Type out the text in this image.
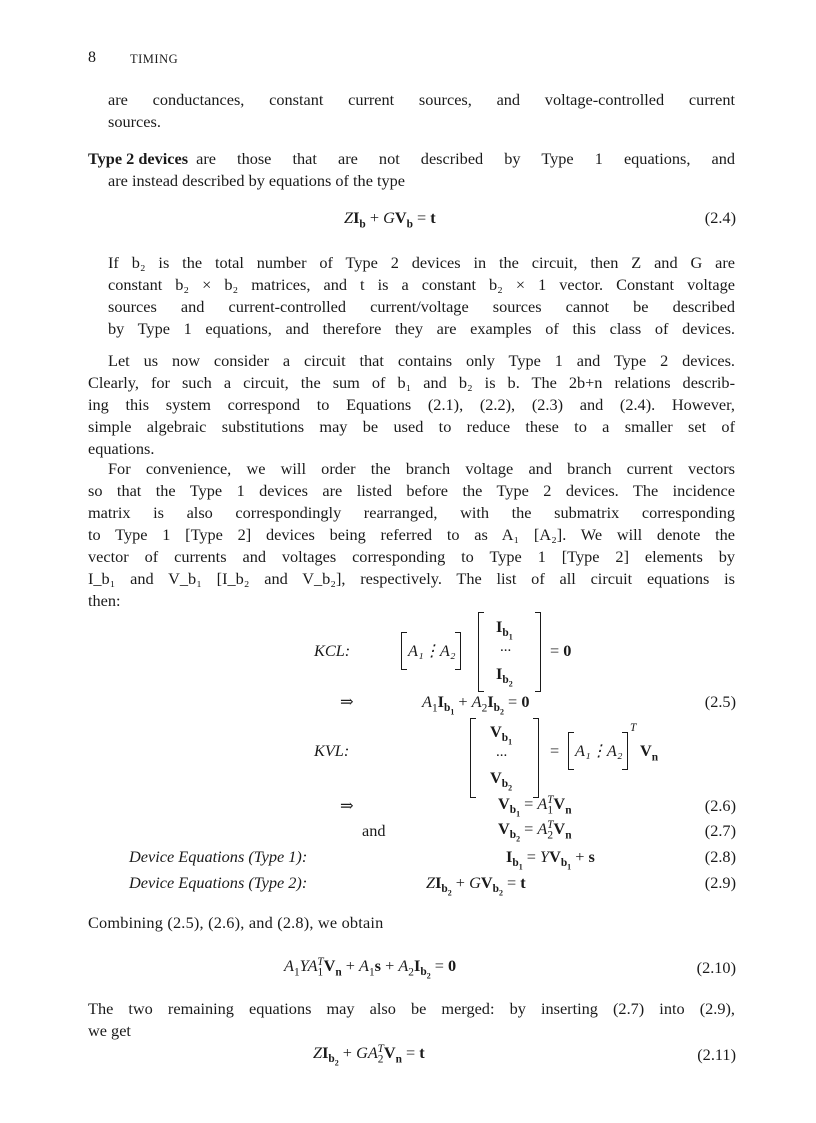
8	TIMING
are conductances, constant current sources, and voltage-controlled current
sources.
Type 2 devices are those that are not described by Type 1 equations, and
are instead described by equations of the type
$ZI_b + GV_b = t$	(2.4)
If b₂ is the total number of Type 2 devices in the circuit, then Z and G are
constant b₂ × b₂ matrices, and t is a constant b₂ × 1 vector. Constant voltage
sources and current-controlled current/voltage sources cannot be described
by Type 1 equations, and therefore they are examples of this class of devices.
Let us now consider a circuit that contains only Type 1 and Type 2 devices.
Clearly, for such a circuit, the sum of b₁ and b₂ is b. The 2b+n relations describ-
ing this system correspond to Equations (2.1), (2.2), (2.3) and (2.4). However,
simple algebraic substitutions may be used to reduce these to a smaller set of
equations.
For convenience, we will order the branch voltage and branch current vectors
so that the Type 1 devices are listed before the Type 2 devices. The incidence
matrix is also correspondingly rearranged, with the submatrix corresponding
to Type 1 [Type 2] devices being referred to as A₁ [A₂]. We will denote the
vector of currents and voltages corresponding to Type 1 [Type 2] elements by
I_b₁ and V_b₁ [I_b₂ and V_b₂], respectively. The list of all circuit equations is
then:
KCL:	A₁⋮A₂
$I_{b_1}$
...
$I_{b_2}$
= 0
⇒	$A_1I_{b_1} + A_2I_{b_2} = 0$	(2.5)
KVL:
$V_{b_1}$
...
$V_{b_2}$
= A₁⋮A₂
T
$V_n$
⇒	$V_{b_1} = A_1^TV_n$	(2.6)
and	$V_{b_2} = A_2^TV_n$	(2.7)
Device Equations (Type 1):	$I_{b_1} = YV_{b_1} + s$	(2.8)
Device Equations (Type 2):	$ZI_{b_2} + GV_{b_2} = t$	(2.9)
Combining (2.5), (2.6), and (2.8), we obtain
$A_1YA_1^TV_n + A_1s + A_2I_{b_2} = 0$	(2.10)
The two remaining equations may also be merged: by inserting (2.7) into (2.9),
we get
$ZI_{b_2} + GA_2^TV_n = t$	(2.11)
